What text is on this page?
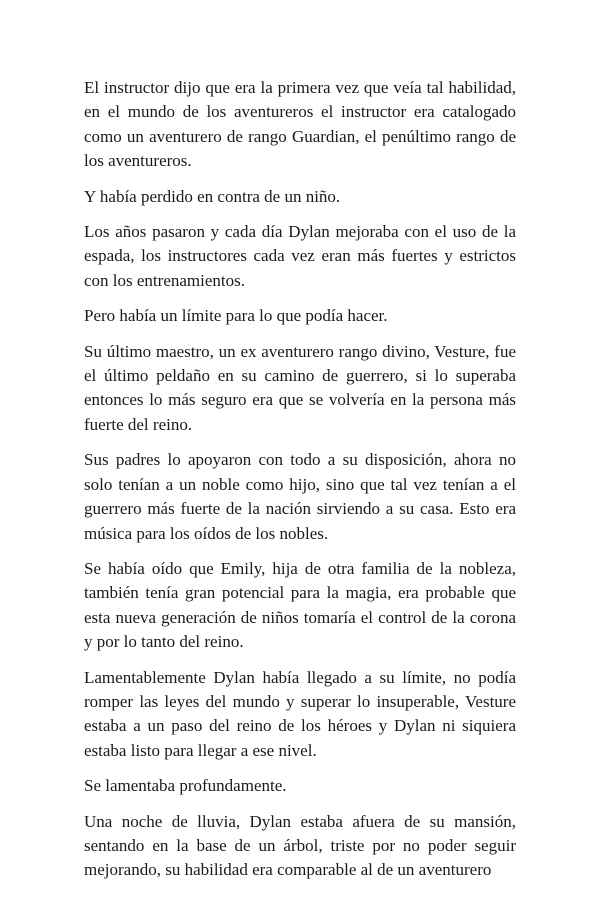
El instructor dijo que era la primera vez que veía tal habilidad, en el mundo de los aventureros el instructor era catalogado como un aventurero de rango Guardian, el penúltimo rango de los aventureros.

Y había perdido en contra de un niño.

Los años pasaron y cada día Dylan mejoraba con el uso de la espada, los instructores cada vez eran más fuertes y estrictos con los entrenamientos.

Pero había un límite para lo que podía hacer.

Su último maestro, un ex aventurero rango divino, Vesture, fue el último peldaño en su camino de guerrero, si lo superaba entonces lo más seguro era que se volvería en la persona más fuerte del reino.

Sus padres lo apoyaron con todo a su disposición, ahora no solo tenían a un noble como hijo, sino que tal vez tenían a el guerrero más fuerte de la nación sirviendo a su casa. Esto era música para los oídos de los nobles.

Se había oído que Emily, hija de otra familia de la nobleza, también tenía gran potencial para la magia, era probable que esta nueva generación de niños tomaría el control de la corona y por lo tanto del reino.

Lamentablemente Dylan había llegado a su límite, no podía romper las leyes del mundo y superar lo insuperable, Vesture estaba a un paso del reino de los héroes y Dylan ni siquiera estaba listo para llegar a ese nivel.

Se lamentaba profundamente.

Una noche de lluvia, Dylan estaba afuera de su mansión, sentando en la base de un árbol, triste por no poder seguir mejorando, su habilidad era comparable al de un aventurero
